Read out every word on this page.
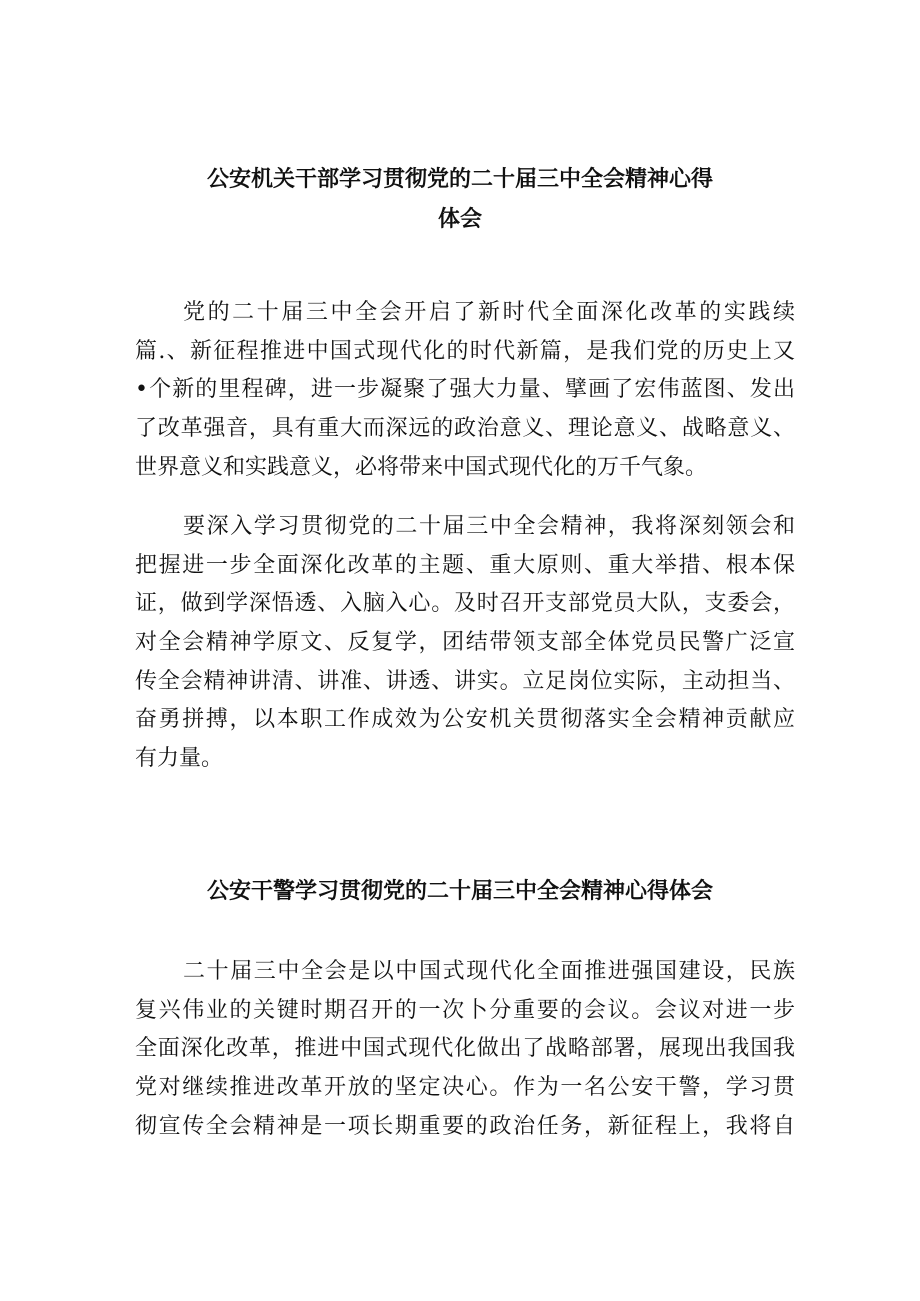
公安机关干部学习贯彻党的二十届三中全会精神心得
体会

党的二十届三中全会开启了新时代全面深化改革的实践续
篇.、新征程推进中国式现代化的时代新篇，是我们党的历史上又
•个新的里程碑，进一步凝聚了强大力量、擘画了宏伟蓝图、发出
了改革强音，具有重大而深远的政治意义、理论意义、战略意义、
世界意义和实践意义，必将带来中国式现代化的万千气象。

要深入学习贯彻党的二十届三中全会精神，我将深刻领会和
把握进一步全面深化改革的主题、重大原则、重大举措、根本保
证，做到学深悟透、入脑入心。及时召开支部党员大队，支委会，
对全会精神学原文、反复学，团结带领支部全体党员民警广泛宣
传全会精神讲清、讲准、讲透、讲实。立足岗位实际，主动担当、
奋勇拼搏，以本职工作成效为公安机关贯彻落实全会精神贡献应
有力量。

公安干警学习贯彻党的二十届三中全会精神心得体会

二十届三中全会是以中国式现代化全面推进强国建设，民族
复兴伟业的关键时期召开的一次卜分重要的会议。会议对进一步
全面深化改革，推进中国式现代化做出了战略部署，展现出我国我
党对继续推进改革开放的坚定决心。作为一名公安干警，学习贯
彻宣传全会精神是一项长期重要的政治任务，新征程上，我将自
